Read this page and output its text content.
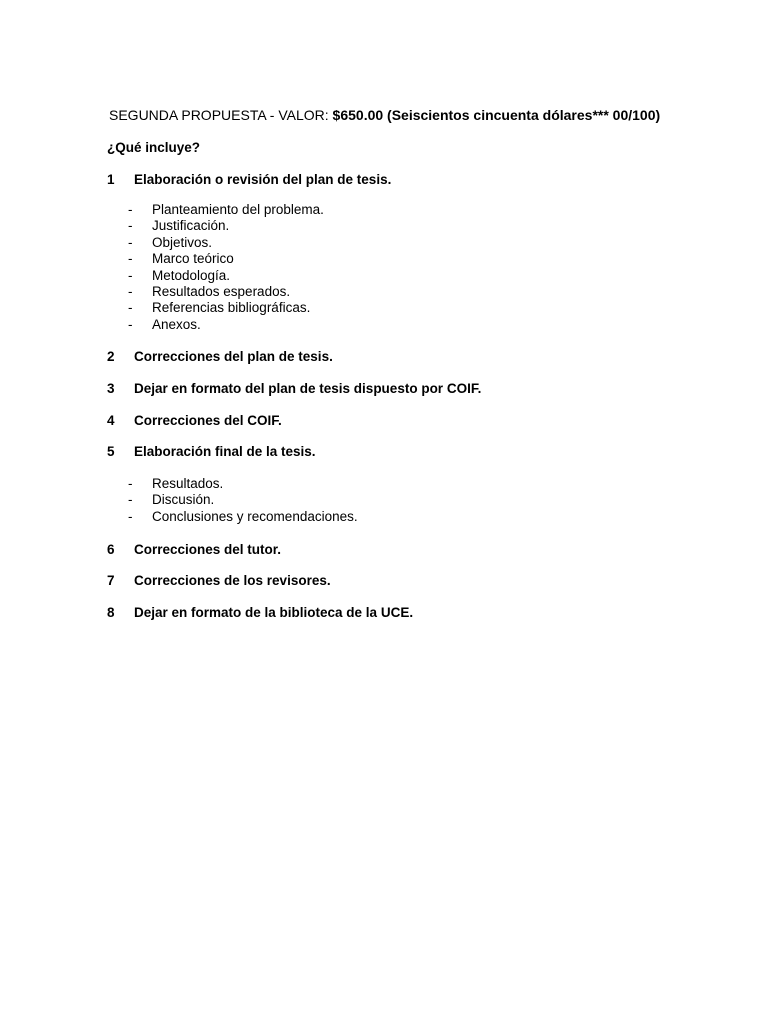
SEGUNDA PROPUESTA - VALOR: $650.00 (Seiscientos cincuenta dólares*** 00/100)
¿Qué incluye?
1 Elaboración o revisión del plan de tesis.
- Planteamiento del problema.
- Justificación.
- Objetivos.
- Marco teórico
- Metodología.
- Resultados esperados.
- Referencias bibliográficas.
- Anexos.
2 Correcciones del plan de tesis.
3 Dejar en formato del plan de tesis dispuesto por COIF.
4 Correcciones del COIF.
5 Elaboración final de la tesis.
- Resultados.
- Discusión.
- Conclusiones y recomendaciones.
6 Correcciones del tutor.
7 Correcciones de los revisores.
8 Dejar en formato de la biblioteca de la UCE.
